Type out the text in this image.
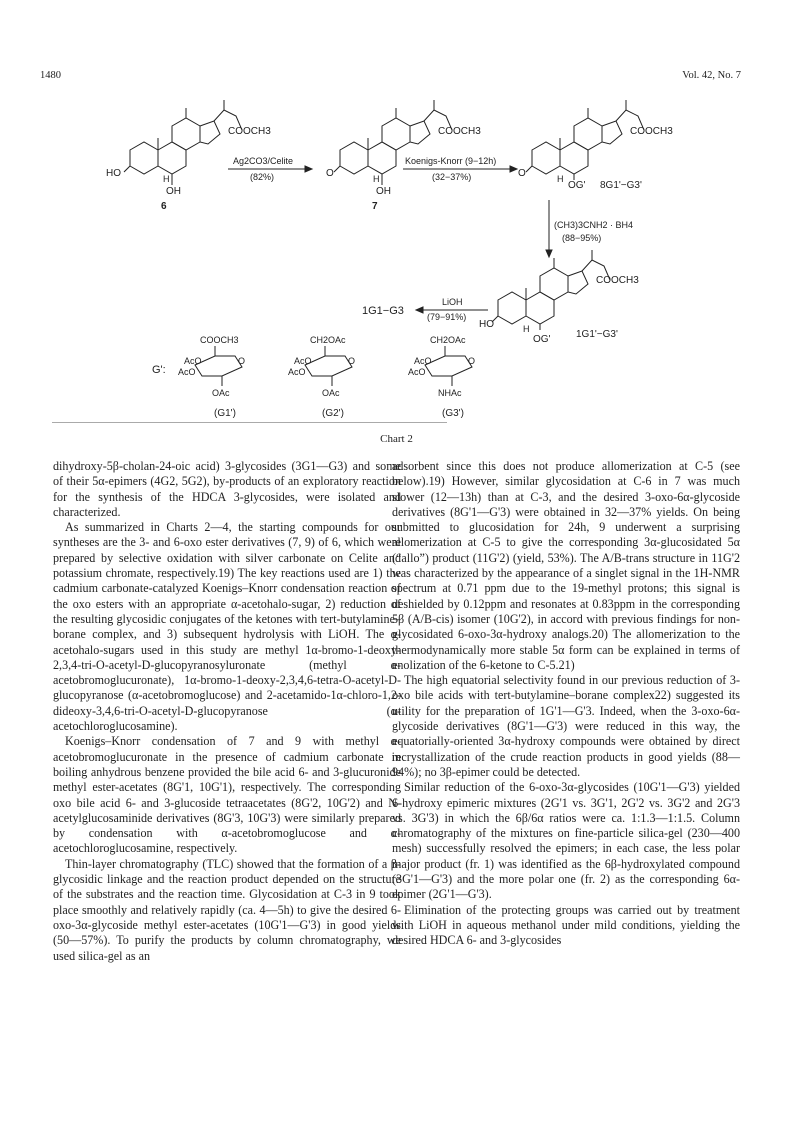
1480	Vol. 42, No. 7
COOCH3	COOCH3	COOCH3
COOCH3
HO	H
OH
6
O	H
OH
7
O	H
OG' 8G1'−G3'
Ag2CO3/Celite
(82%)
Koenigs-Knorr (9−12h)
(32−37%)
(CH3)3CNH2 · BH4
(88−95%)
LiOH
(79−91%)
1G1−G3
HO	H
OG'	1G1'−G3'
G':
COOCH3
AcO
AcO
O
OAc
(G1')
CH2OAc
AcO
AcO
O
OAc
(G2')
CH2OAc
AcO
AcO
O
NHAc
(G3')
Chart 2

dihydroxy-5β-cholan-24-oic acid) 3-glycosides (3G1—G3) and some of their 5α-epimers (4G2, 5G2), by-products of an exploratory reaction for the synthesis of the HDCA 3-glycosides, were isolated and characterized.

As summarized in Charts 2—4, the starting compounds for our syntheses are the 3- and 6-oxo ester derivatives (7, 9) of 6, which were prepared by selective oxidation with silver carbonate on Celite and potassium chromate, respectively.19) The key reactions used are 1) the cadmium carbonate-catalyzed Koenigs–Knorr condensation reaction of the oxo esters with an appropriate α-acetohalo-sugar, 2) reduction of the resulting glycosidic conjugates of the ketones with tert-butylamine–borane complex, and 3) subsequent hydrolysis with LiOH. The α-acetohalo-sugars used in this study are methyl 1α-bromo-1-deoxy-2,3,4-tri-O-acetyl-D-glucopyranosyluronate (methyl α-acetobromoglucuronate), 1α-bromo-1-deoxy-2,3,4,6-tetra-O-acetyl-D-glucopyranose (α-acetobromoglucose) and 2-acetamido-1α-chloro-1,2-dideoxy-3,4,6-tri-O-acetyl-D-glucopyranose (α-acetochloroglucosamine).

Koenigs–Knorr condensation of 7 and 9 with methyl α-acetobromoglucuronate in the presence of cadmium carbonate in boiling anhydrous benzene provided the bile acid 6- and 3-glucuronide methyl ester-acetates (8G'1, 10G'1), respectively. The corresponding oxo bile acid 6- and 3-glucoside tetraacetates (8G'2, 10G'2) and N-acetylglucosaminide derivatives (8G'3, 10G'3) were similarly prepared by condensation with α-acetobromoglucose and α-acetochloroglucosamine, respectively.

Thin-layer chromatography (TLC) showed that the formation of a β-glycosidic linkage and the reaction product depended on the structure of the substrates and the reaction time. Glycosidation at C-3 in 9 took place smoothly and relatively rapidly (ca. 4—5h) to give the desired 6-oxo-3α-glycoside methyl ester-acetates (10G'1—G'3) in good yields (50—57%). To purify the products by column chromatography, we used silica-gel as an

adsorbent since this does not produce allomerization at C-5 (see below).19) However, similar glycosidation at C-6 in 7 was much slower (12—13h) than at C-3, and the desired 3-oxo-6α-glycoside derivatives (8G'1—G'3) were obtained in 32—37% yields. On being submitted to glucosidation for 24h, 9 underwent a surprising allomerization at C-5 to give the corresponding 3α-glucosidated 5α (“allo”) product (11G'2) (yield, 53%). The A/B-trans structure in 11G'2 was characterized by the appearance of a singlet signal in the 1H-NMR spectrum at 0.71 ppm due to the 19-methyl protons; this signal is deshielded by 0.12ppm and resonates at 0.83ppm in the corresponding 5β (A/B-cis) isomer (10G'2), in accord with previous findings for non-glycosidated 6-oxo-3α-hydroxy analogs.20) The allomerization to the thermodynamically more stable 5α form can be explained in terms of enolization of the 6-ketone to C-5.21)

The high equatorial selectivity found in our previous reduction of 3-oxo bile acids with tert-butylamine–borane complex22) suggested its utility for the preparation of 1G'1—G'3. Indeed, when the 3-oxo-6α-glycoside derivatives (8G'1—G'3) were reduced in this way, the equatorially-oriented 3α-hydroxy compounds were obtained by direct recrystallization of the crude reaction products in good yields (88—94%); no 3β-epimer could be detected.

Similar reduction of the 6-oxo-3α-glycosides (10G'1—G'3) yielded 6-hydroxy epimeric mixtures (2G'1 vs. 3G'1, 2G'2 vs. 3G'2 and 2G'3 vs. 3G'3) in which the 6β/6α ratios were ca. 1:1.3—1:1.5. Column chromatography of the mixtures on fine-particle silica-gel (230—400 mesh) successfully resolved the epimers; in each case, the less polar major product (fr. 1) was identified as the 6β-hydroxylated compound (3G'1—G'3) and the more polar one (fr. 2) as the corresponding 6α-epimer (2G'1—G'3).

Elimination of the protecting groups was carried out by treatment with LiOH in aqueous methanol under mild conditions, yielding the desired HDCA 6- and 3-glycosides
